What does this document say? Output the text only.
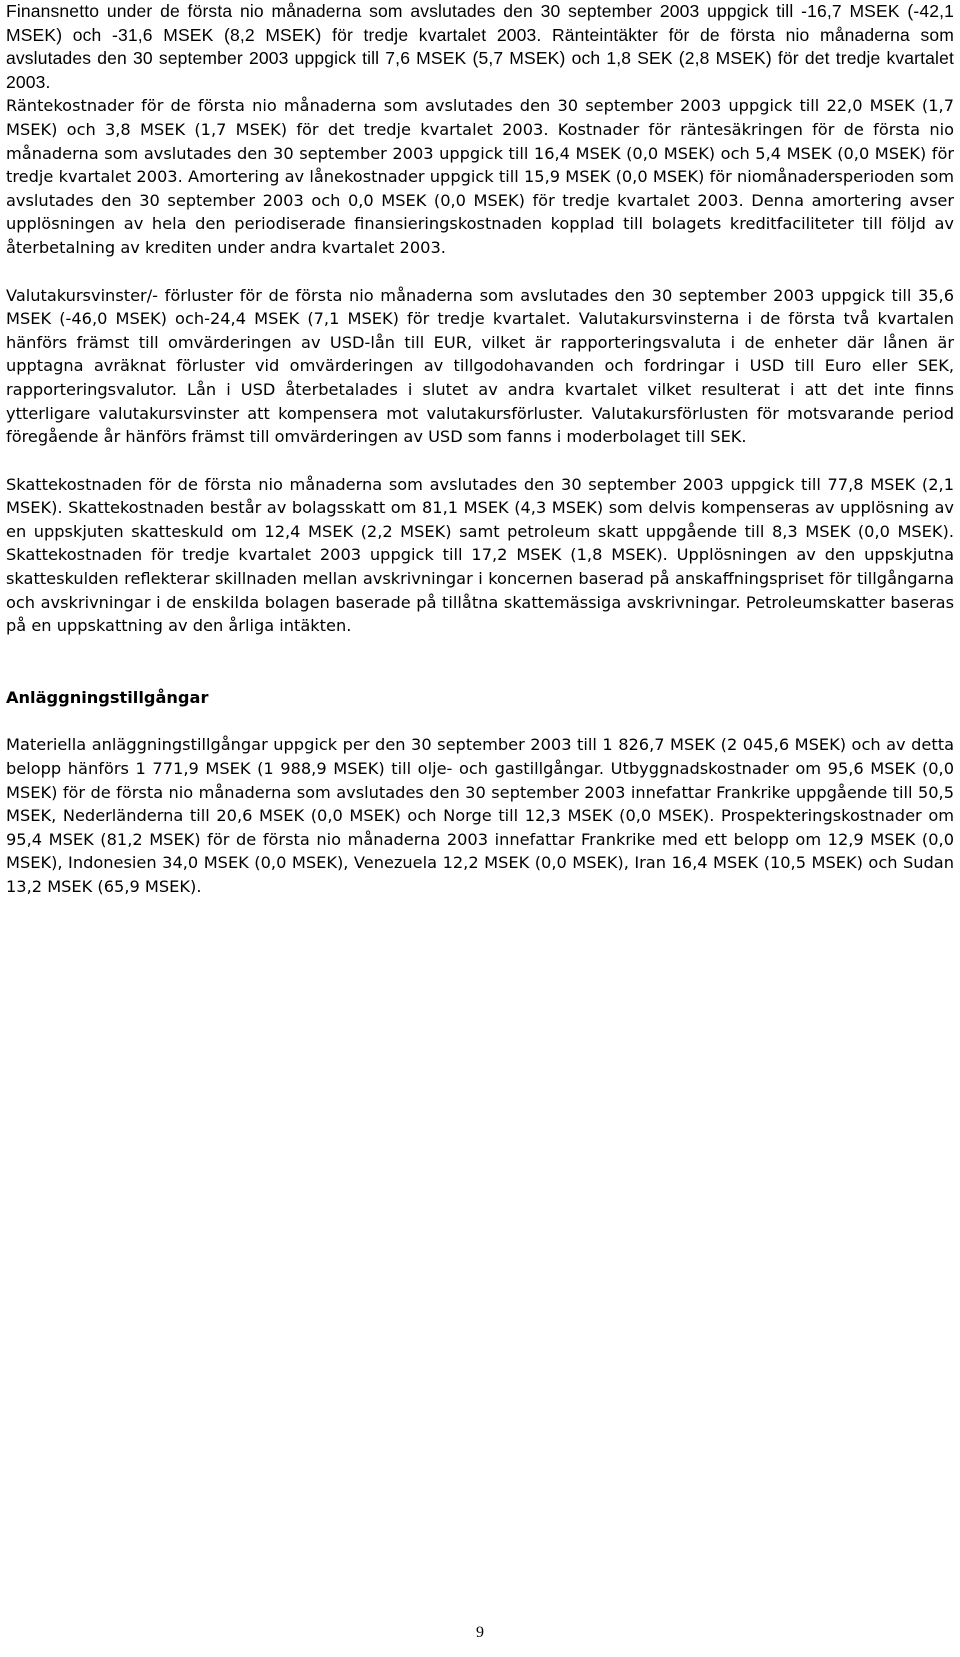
Finansnetto under de första nio månaderna som avslutades den 30 september 2003 uppgick till -16,7 MSEK (-42,1 MSEK) och -31,6 MSEK (8,2 MSEK) för tredje kvartalet 2003. Ränteintäkter för de första nio månaderna som avslutades den 30 september 2003 uppgick till 7,6 MSEK (5,7 MSEK) och 1,8 SEK (2,8 MSEK) för det tredje kvartalet 2003.

Räntekostnader för de första nio månaderna som avslutades den 30 september 2003 uppgick till 22,0 MSEK (1,7 MSEK) och 3,8 MSEK (1,7 MSEK) för det tredje kvartalet 2003. Kostnader för räntesäkringen för de första nio månaderna som avslutades den 30 september 2003 uppgick till 16,4 MSEK (0,0 MSEK) och 5,4 MSEK (0,0 MSEK) för tredje kvartalet 2003. Amortering av lånekostnader uppgick till 15,9 MSEK (0,0 MSEK) för niomånadersperioden som avslutades den 30 september 2003 och 0,0 MSEK (0,0 MSEK) för tredje kvartalet 2003. Denna amortering avser upplösningen av hela den periodiserade finansieringskostnaden kopplad till bolagets kreditfaciliteter till följd av återbetalning av krediten under andra kvartalet 2003.

Valutakursvinster/- förluster för de första nio månaderna som avslutades den 30 september 2003 uppgick till 35,6 MSEK (-46,0 MSEK) och-24,4 MSEK (7,1 MSEK) för tredje kvartalet. Valutakursvinsterna i de första två kvartalen hänförs främst till omvärderingen av USD-lån till EUR, vilket är rapporteringsvaluta i de enheter där lånen är upptagna avräknat förluster vid omvärderingen av tillgodohavanden och fordringar i USD till Euro eller SEK, rapporteringsvalutor. Lån i USD återbetalades i slutet av andra kvartalet vilket resulterat i att det inte finns ytterligare valutakursvinster att kompensera mot valutakursförluster. Valutakursförlusten för motsvarande period föregående år hänförs främst till omvärderingen av USD som fanns i moderbolaget till SEK.

Skattekostnaden för de första nio månaderna som avslutades den 30 september 2003 uppgick till 77,8 MSEK (2,1 MSEK). Skattekostnaden består av bolagsskatt om 81,1 MSEK (4,3 MSEK) som delvis kompenseras av upplösning av en uppskjuten skatteskuld om 12,4 MSEK (2,2 MSEK) samt petroleum skatt uppgående till 8,3 MSEK (0,0 MSEK). Skattekostnaden för tredje kvartalet 2003 uppgick till 17,2 MSEK (1,8 MSEK). Upplösningen av den uppskjutna skatteskulden reflekterar skillnaden mellan avskrivningar i koncernen baserad på anskaffningspriset för tillgångarna och avskrivningar i de enskilda bolagen baserade på tillåtna skattemässiga avskrivningar. Petroleumskatter baseras på en uppskattning av den årliga intäkten.

Anläggningstillgångar

Materiella anläggningstillgångar uppgick per den 30 september 2003 till 1 826,7 MSEK (2 045,6 MSEK) och av detta belopp hänförs 1 771,9 MSEK (1 988,9 MSEK) till olje- och gastillgångar. Utbyggnadskostnader om 95,6 MSEK (0,0 MSEK) för de första nio månaderna som avslutades den 30 september 2003 innefattar Frankrike uppgående till 50,5 MSEK, Nederländerna till 20,6 MSEK (0,0 MSEK) och Norge till 12,3 MSEK (0,0 MSEK). Prospekteringskostnader om 95,4 MSEK (81,2 MSEK) för de första nio månaderna 2003 innefattar Frankrike med ett belopp om 12,9 MSEK (0,0 MSEK), Indonesien 34,0 MSEK (0,0 MSEK), Venezuela 12,2 MSEK (0,0 MSEK), Iran 16,4 MSEK (10,5 MSEK) och Sudan 13,2 MSEK (65,9 MSEK).

9
